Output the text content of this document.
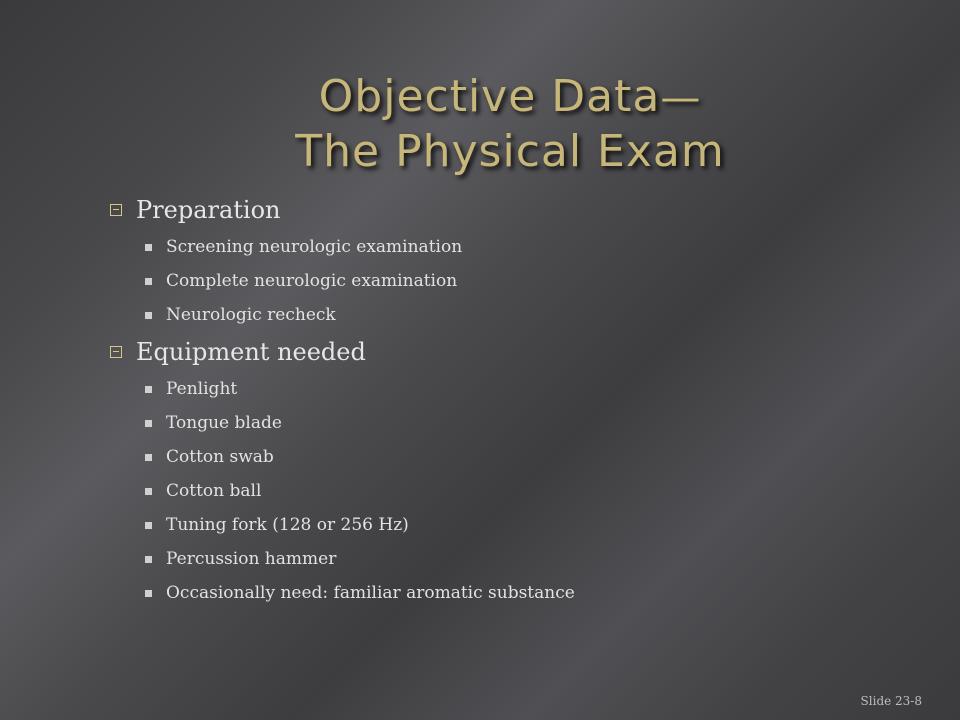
Objective Data—
The Physical Exam
Preparation
Screening neurologic examination
Complete neurologic examination
Neurologic recheck
Equipment needed
Penlight
Tongue blade
Cotton swab
Cotton ball
Tuning fork (128 or 256 Hz)
Percussion hammer
Occasionally need: familiar aromatic substance
Slide 23-8
